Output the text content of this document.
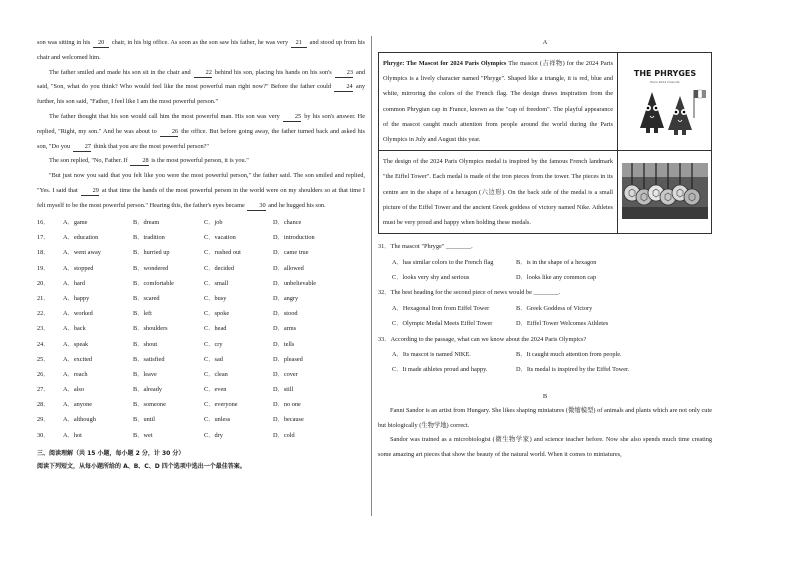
son was sitting in his 20 chair, in his big office. As soon as the son saw his father, he was very 21 and stood up from his chair and welcomed him.

The father smiled and made his son sit in the chair and 22 behind his son, placing his hands on his son's 23 and said, "Son, what do you think? Who would feel like the most powerful man right now?" Before the father could 24 any further, his son said, "Father, I feel like I am the most powerful person."

The father thought that his son would call him the most powerful man. His son was very 25 by his son's answer. He replied, "Right, my son." And he was about to 26 the office. But before going away, the father turned back and asked his son, "Do you 27 think that you are the most powerful person?"

The son replied, "No, Father. If 28 is the most powerful person, it is you."

"But just now you said that you felt like you were the most powerful person," the father said. The son smiled and replied, "Yes. I said that 29 at that time the hands of the most powerful person in the world were on my shoulders so at that time I felt myself to be the most powerful person." Hearing this, the father's eyes became 30 and he hugged his son.

16．	A．game	B．dream	C．job	D．chance
17．	A．education	B．tradition	C．vacation	D．introduction
18．	A．went away	B．hurried up	C．rushed out	D．came true
19．	A．stopped	B．wondered	C．decided	D．allowed
20．	A．hard	B．comfortable	C．small	D．unbelievable
21．	A．happy	B．scared	C．busy	D．angry
22．	A．worked	B．left	C．spoke	D．stood
23．	A．back	B．shoulders	C．head	D．arms
24．	A．speak	B．shout	C．cry	D．tells
25．	A．excited	B．satisfied	C．sad	D．pleased
26．	A．reach	B．leave	C．clean	D．cover
27．	A．also	B．already	C．even	D．still
28．	A．anyone	B．someone	C．everyone	D．no one
29．	A．although	B．until	C．unless	D．because
30．	A．hot	B．wet	C．dry	D．cold
三、阅读理解（共 15 小题，每小题 2 分，计 30 分）
阅读下列短文，从每小题所给的 A、B、C、D 四个选项中选出一个最佳答案。
A
Phryge: The Mascot for 2024 Paris Olympics The mascot (吉祥物) for the 2024 Paris Olympics is a lively character named "Phryge". Shaped like a triangle, it is red, blue and white, mirroring the colors of the French flag. The design draws inspiration from the common Phrygian cap in France, known as the "cap of freedom". The playful appearance of the mascot caught much attention from people around the world during the Paris Olympics in July and August this year.	THE PHRYGES
Paris 2024 mascots

The design of the 2024 Paris Olympics medal is inspired by the famous French landmark "the Eiffel Tower". Each medal is made of the iron pieces from the tower. The pieces in its centre are in the shape of a hexagon (六边形). On the back side of the medal is a small picture of the Eiffel Tower and the ancient Greek goddess of victory named Nike. Athletes must be very proud and happy when holding these medals.	
31．The mascot "Phryge" ________.
A．has similar colors to the French flag	B．is in the shape of a hexagon
C．looks very shy and serious	D．looks like any common cap
32．The best heading for the second piece of news would be ________.
A．Hexagonal Iron from Eiffel Tower	B．Greek Goddess of Victory
C．Olympic Medal Meets Eiffel Tower	D．Eiffel Tower Welcomes Athletes
33．According to the passage, what can we know about the 2024 Paris Olympics?
A．Its mascot is named NIKE.	B．It caught much attention from people.
C．It made athletes proud and happy.	D．Its medal is inspired by the Eiffel Tower.
B

Fanni Sandor is an artist from Hungary. She likes shaping miniatures (微缩模型) of animals and plants which are not only cute but biologically (生物学地) correct.

Sandor was trained as a microbiologist (微生物学家) and science teacher before. Now she also spends much time creating some amazing art pieces that show the beauty of the natural world. When it comes to miniatures,
